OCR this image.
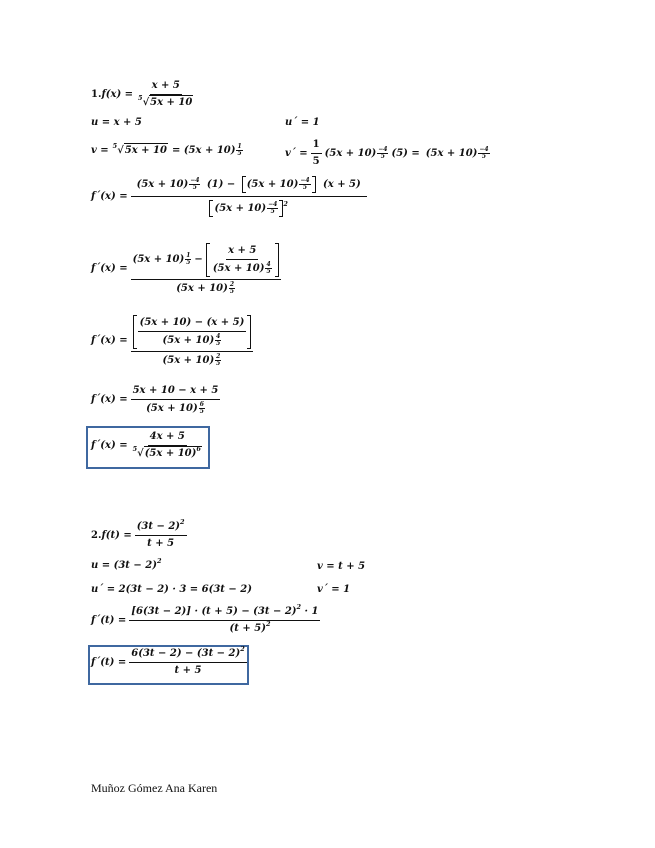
1. $f(x) = \frac{x + 5}{^5√5x + 10}$
u = x + 5	u´ = 1
v = $^5$√5x + 10 = (5x + 10) 1
5	v´ = $\frac{1}{5} (5x + 10) -4$
5 (5) = (5x + 10) −4
5
f´(x) = $\frac{(5x + 10) \frac{-4}{5} (1) - (5x + 10) \frac{-4}{5} (x + 5)}{(5x + 10) \frac{-4}{5} ^2}$
f´(x) =
(5x + 10) 1
$5 - \frac{x + 5}{(5x + 10) \frac{4}{5}}$
$(5x + 10) \frac{2}{5}$
f´(x) = $\frac{\frac{(5x + 10) - (x + 5)}{(5x + 10) \frac{4}{5}}}{(5x + 10) \frac{2}{5}}$
f´(x) = $\frac{5x + 10 - x + 5}{(5x + 10) \frac{6}{5}}$
f´(x) = $\frac{4x + 5}{^5√(5x + 10)^6}$
2. $f(t) = \frac{(3t - 2)^2}{t + 5}$
$u = (3t - 2)^2$	v = t + 5
u´ = 2(3t − 2) · 3 = 6(3t − 2)	v´ = 1
f´(t) = $\frac{[6(3t - 2)] \cdot (t + 5) - (3t - 2)^2 \cdot 1}{(t + 5)^2}$
f´(t) = $\frac{6(3t - 2) - (3t - 2)^2}{t + 5}$
Muñoz Gómez Ana Karen
